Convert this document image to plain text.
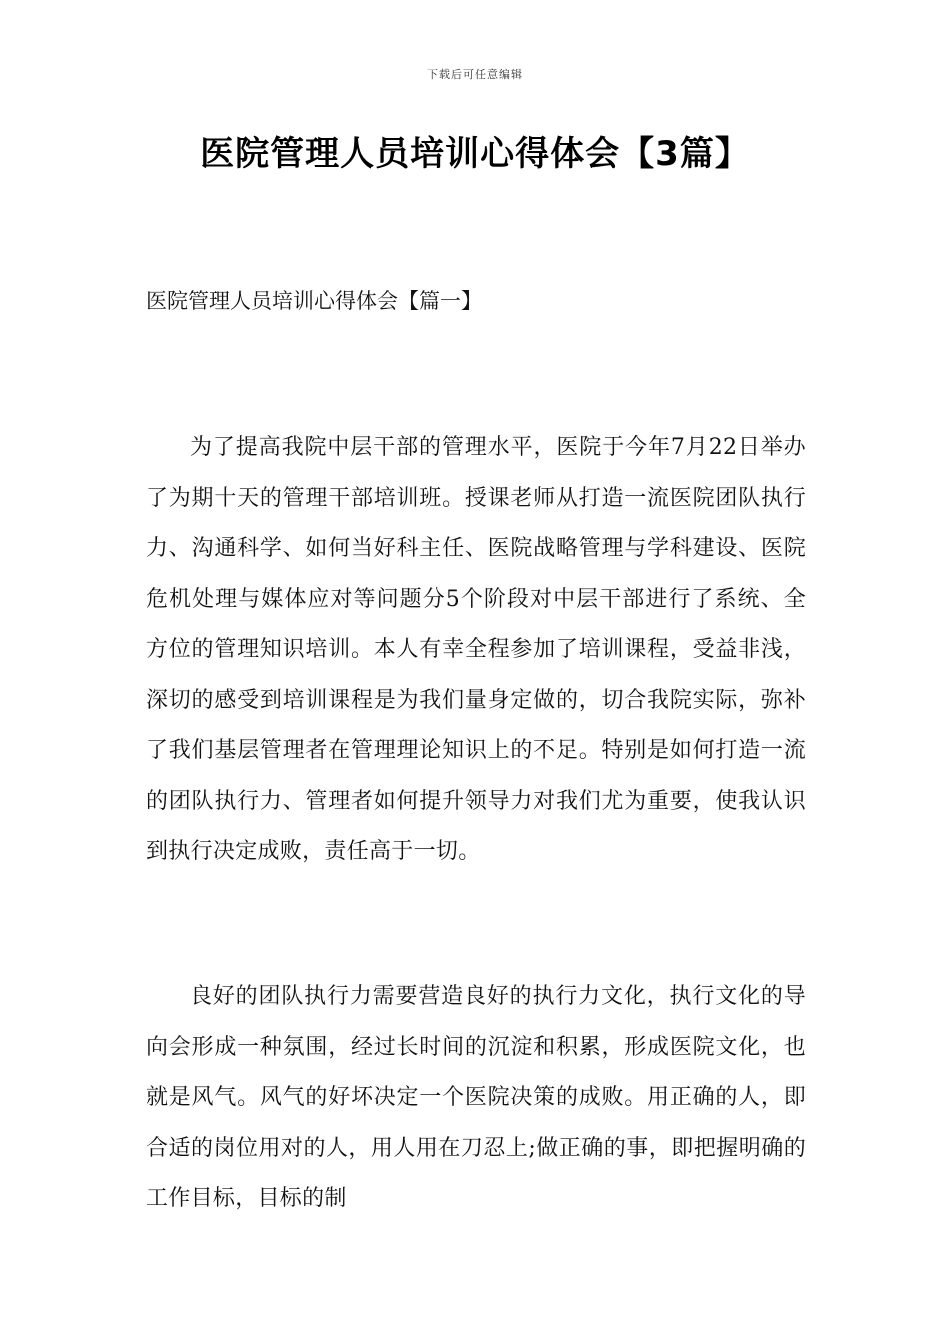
下载后可任意编辑
医院管理人员培训心得体会【3篇】
医院管理人员培训心得体会【篇一】

为了提高我院中层干部的管理水平，医院于今年7月22日举办了为期十天的管理干部培训班。授课老师从打造一流医院团队执行力、沟通科学、如何当好科主任、医院战略管理与学科建设、医院危机处理与媒体应对等问题分5个阶段对中层干部进行了系统、全方位的管理知识培训。本人有幸全程参加了培训课程，受益非浅，深切的感受到培训课程是为我们量身定做的，切合我院实际，弥补了我们基层管理者在管理理论知识上的不足。特别是如何打造一流的团队执行力、管理者如何提升领导力对我们尤为重要，使我认识到执行决定成败，责任高于一切。

良好的团队执行力需要营造良好的执行力文化，执行文化的导向会形成一种氛围，经过长时间的沉淀和积累，形成医院文化，也就是风气。风气的好坏决定一个医院决策的成败。用正确的人，即合适的岗位用对的人，用人用在刀忍上;做正确的事，即把握明确的工作目标，目标的制
